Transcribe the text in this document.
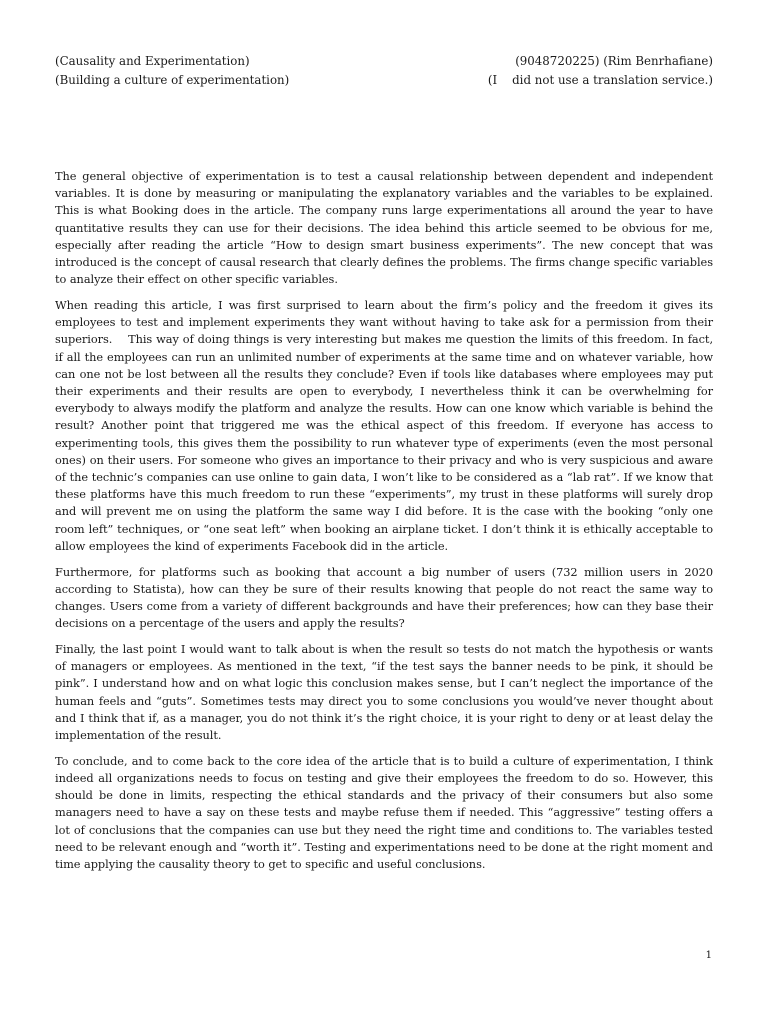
(Causality and Experimentation)	(9048720225) (Rim Benrhafiane)
(Building a culture of experimentation)	(I    did not use a translation service.)

The general objective of experimentation is to test a causal relationship between dependent and independent variables. It is done by measuring or manipulating the explanatory variables and the variables to be explained. This is what Booking does in the article. The company runs large experimentations all around the year to have quantitative results they can use for their decisions. The idea behind this article seemed to be obvious for me, especially after reading the article “How to design smart business experiments”. The new concept that was introduced is the concept of causal research that clearly defines the problems. The firms change specific variables to analyze their effect on other specific variables.

When reading this article, I was first surprised to learn about the firm’s policy and the freedom it gives its employees to test and implement experiments they want without having to take ask for a permission from their superiors.    This way of doing things is very interesting but makes me question the limits of this freedom. In fact, if all the employees can run an unlimited number of experiments at the same time and on whatever variable, how can one not be lost between all the results they conclude? Even if tools like databases where employees may put their experiments and their results are open to everybody, I nevertheless think it can be overwhelming for everybody to always modify the platform and analyze the results. How can one know which variable is behind the result? Another point that triggered me was the ethical aspect of this freedom. If everyone has access to experimenting tools, this gives them the possibility to run whatever type of experiments (even the most personal ones) on their users. For someone who gives an importance to their privacy and who is very suspicious and aware of the technic’s companies can use online to gain data, I won’t like to be considered as a “lab rat”. If we know that these platforms have this much freedom to run these “experiments”, my trust in these platforms will surely drop and will prevent me on using the platform the same way I did before. It is the case with the booking “only one room left” techniques, or “one seat left” when booking an airplane ticket. I don’t think it is ethically acceptable to allow employees the kind of experiments Facebook did in the article.

Furthermore, for platforms such as booking that account a big number of users (732 million users in 2020 according to Statista), how can they be sure of their results knowing that people do not react the same way to changes. Users come from a variety of different backgrounds and have their preferences; how can they base their decisions on a percentage of the users and apply the results?

Finally, the last point I would want to talk about is when the result so tests do not match the hypothesis or wants of managers or employees. As mentioned in the text, “if the test says the banner needs to be pink, it should be pink”. I understand how and on what logic this conclusion makes sense, but I can’t neglect the importance of the human feels and “guts”. Sometimes tests may direct you to some conclusions you would’ve never thought about and I think that if, as a manager, you do not think it’s the right choice, it is your right to deny or at least delay the implementation of the result.

To conclude, and to come back to the core idea of the article that is to build a culture of experimentation, I think indeed all organizations needs to focus on testing and give their employees the freedom to do so. However, this should be done in limits, respecting the ethical standards and the privacy of their consumers but also some managers need to have a say on these tests and maybe refuse them if needed. This “aggressive” testing offers a lot of conclusions that the companies can use but they need the right time and conditions to. The variables tested need to be relevant enough and “worth it”. Testing and experimentations need to be done at the right moment and time applying the causality theory to get to specific and useful conclusions.

1
